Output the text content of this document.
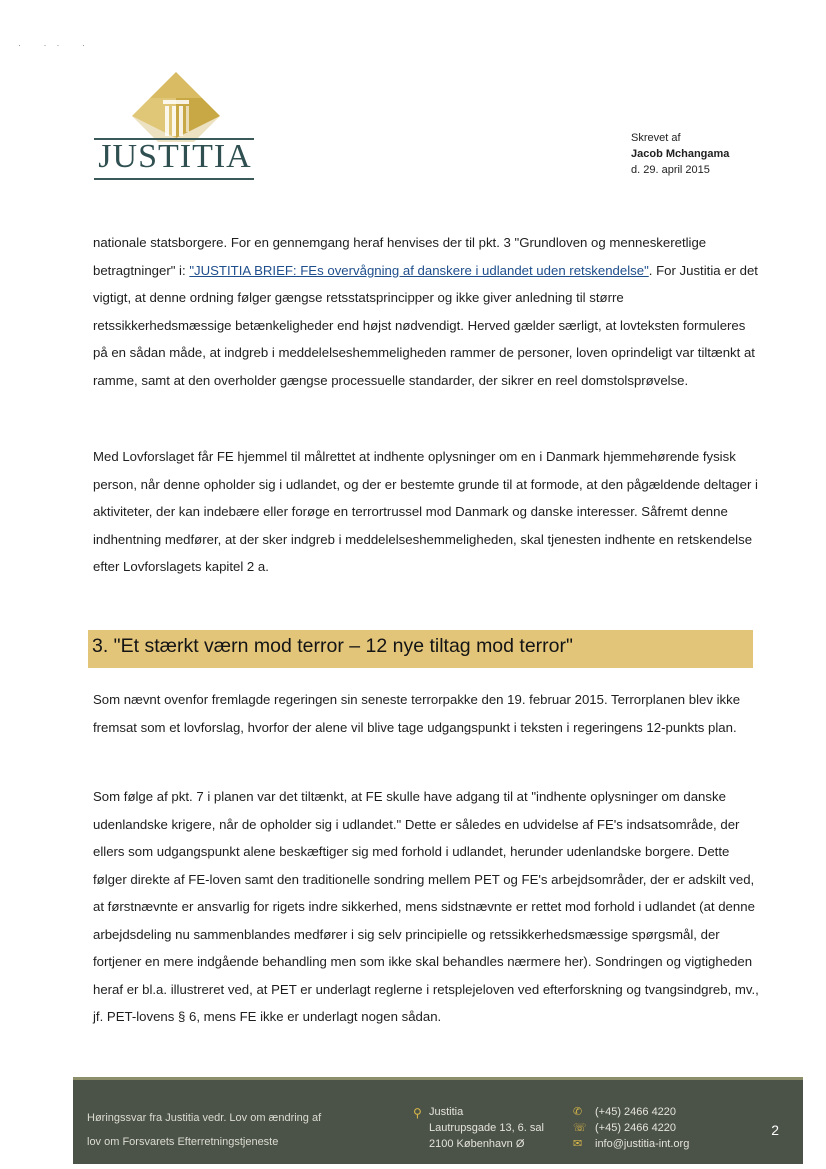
· ·· ·
JUSTITIA	Skrevet af
Jacob Mchangama
d. 29. april 2015

nationale statsborgere. For en gennemgang heraf henvises der til pkt. 3 "Grundloven og menneskeretlige betragtninger" i: "JUSTITIA BRIEF: FEs overvågning af danskere i udlandet uden retskendelse". For Justitia er det vigtigt, at denne ordning følger gængse retsstatsprincipper og ikke giver anledning til større retssikkerhedsmæssige betænkeligheder end højst nødvendigt. Herved gælder særligt, at lovteksten formuleres på en sådan måde, at indgreb i meddelelseshemmeligheden rammer de personer, loven oprindeligt var tiltænkt at ramme, samt at den overholder gængse processuelle standarder, der sikrer en reel domstolsprøvelse.

Med Lovforslaget får FE hjemmel til målrettet at indhente oplysninger om en i Danmark hjemmehørende fysisk person, når denne opholder sig i udlandet, og der er bestemte grunde til at formode, at den pågældende deltager i aktiviteter, der kan indebære eller forøge en terrortrussel mod Danmark og danske interesser. Såfremt denne indhentning medfører, at der sker indgreb i meddelelseshemmeligheden, skal tjenesten indhente en retskendelse efter Lovforslagets kapitel 2 a.

3. "Et stærkt værn mod terror – 12 nye tiltag mod terror"

Som nævnt ovenfor fremlagde regeringen sin seneste terrorpakke den 19. februar 2015. Terrorplanen blev ikke fremsat som et lovforslag, hvorfor der alene vil blive tage udgangspunkt i teksten i regeringens 12-punkts plan.

Som følge af pkt. 7 i planen var det tiltænkt, at FE skulle have adgang til at "indhente oplysninger om danske udenlandske krigere, når de opholder sig i udlandet." Dette er således en udvidelse af FE's indsatsområde, der ellers som udgangspunkt alene beskæftiger sig med forhold i udlandet, herunder udenlandske borgere. Dette følger direkte af FE-loven samt den traditionelle sondring mellem PET og FE's arbejdsområder, der er adskilt ved, at førstnævnte er ansvarlig for rigets indre sikkerhed, mens sidstnævnte er rettet mod forhold i udlandet (at denne arbejdsdeling nu sammenblandes medfører i sig selv principielle og retssikkerhedsmæssige spørgsmål, der fortjener en mere indgående behandling men som ikke skal behandles nærmere her). Sondringen og vigtigheden heraf er bl.a. illustreret ved, at PET er underlagt reglerne i retsplejeloven ved efterforskning og tvangsindgreb, mv., jf. PET-lovens § 6, mens FE ikke er underlagt nogen sådan.

Høringssvar fra Justitia vedr. Lov om ændring af
lov om Forsvarets Efterretningstjeneste
⚲ Justitia
Lautrupsgade 13, 6. sal
2100 København Ø
✆ (+45) 2466 4220
☏ (+45) 2466 4220
✉ info@justitia-int.org
2
